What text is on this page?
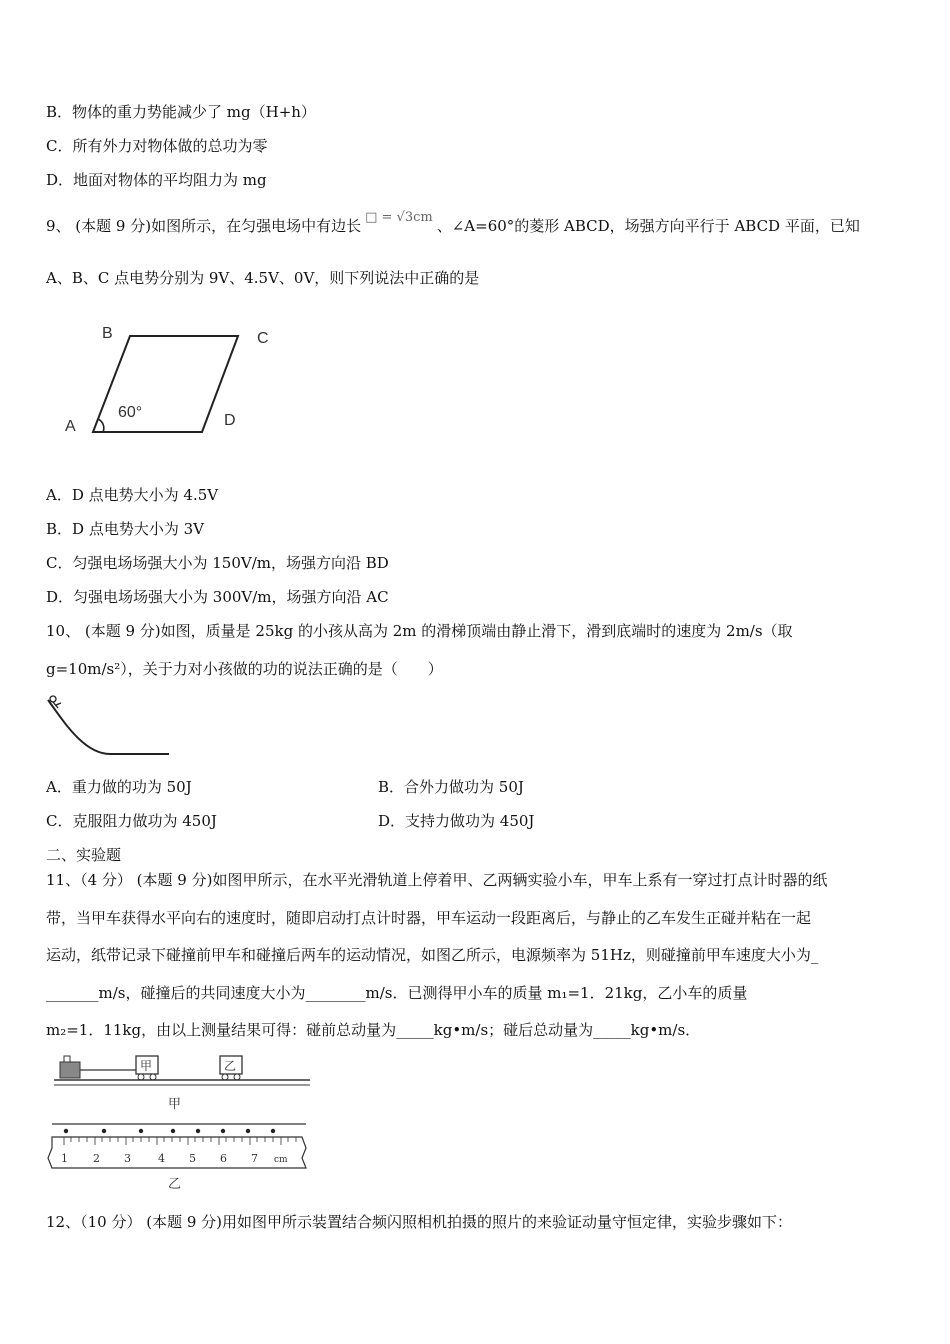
B．物体的重力势能减少了 mg（H+h）
C．所有外力对物体做的总功为零
D．地面对物体的平均阻力为 mg
9、 (本题 9 分)如图所示，在匀强电场中有边长 □ = √3cm 、∠A=60°的菱形 ABCD，场强方向平行于 ABCD 平面，已知
A、B、C 点电势分别为 9V、4.5V、0V，则下列说法中正确的是
A
B	C
D
60°
A．D 点电势大小为 4.5V
B．D 点电势大小为 3V
C．匀强电场场强大小为 150V/m，场强方向沿 BD
D．匀强电场场强大小为 300V/m，场强方向沿 AC
10、 (本题 9 分)如图，质量是 25kg 的小孩从高为 2m 的滑梯顶端由静止滑下，滑到底端时的速度为 2m/s（取
g=10m/s²），关于力对小孩做的功的说法正确的是（　　）
A．重力做的功为 50J	B．合外力做功为 50J
C．克服阻力做功为 450J	D．支持力做功为 450J
二、实验题
11、（4 分） (本题 9 分)如图甲所示，在水平光滑轨道上停着甲、乙两辆实验小车，甲车上系有一穿过打点计时器的纸
带，当甲车获得水平向右的速度时，随即启动打点计时器，甲车运动一段距离后，与静止的乙车发生正碰并粘在一起
运动，纸带记录下碰撞前甲车和碰撞后两车的运动情况，如图乙所示，电源频率为 51Hz，则碰撞前甲车速度大小为_
_______m/s，碰撞后的共同速度大小为________m/s．已测得甲小车的质量 m₁=1．21kg，乙小车的质量
m₂=1．11kg，由以上测量结果可得：碰前总动量为_____kg•m/s；碰后总动量为_____kg•m/s．
甲	乙
甲
1 2 3 4 5 6 7 cm
乙
12、（10 分） (本题 9 分)用如图甲所示装置结合频闪照相机拍摄的照片的来验证动量守恒定律，实验步骤如下：
